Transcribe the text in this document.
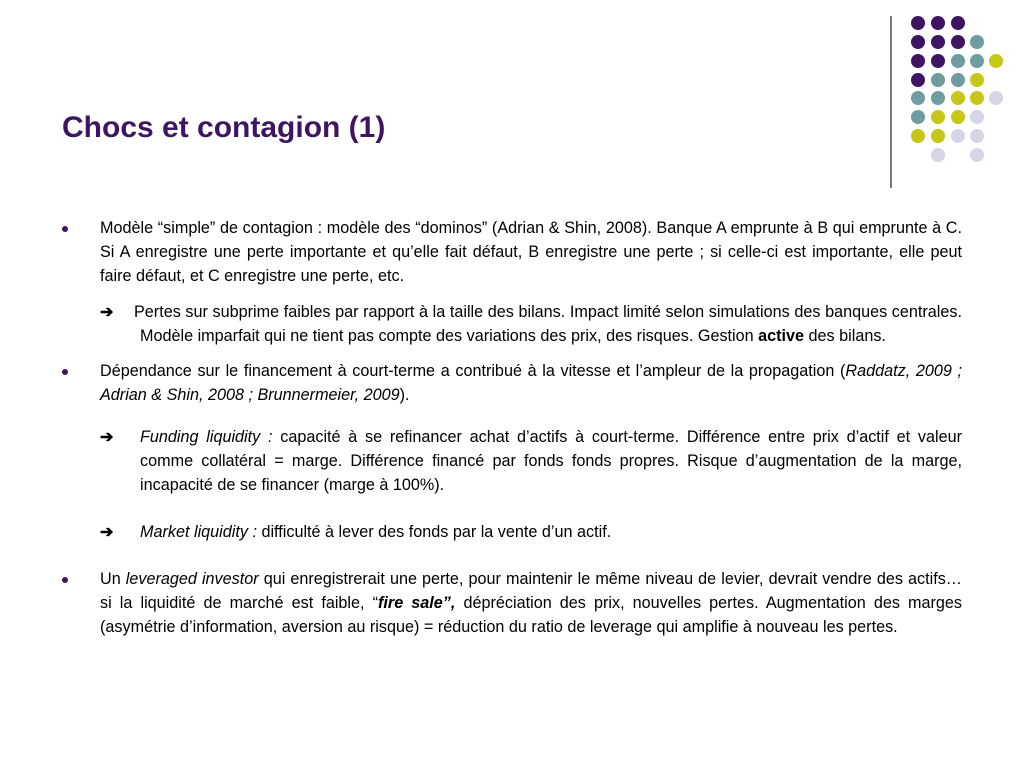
Chocs et contagion (1)
Modèle “simple” de contagion : modèle des “dominos” (Adrian & Shin, 2008). Banque A emprunte à B qui emprunte à C. Si A enregistre une perte importante et qu’elle fait défaut, B enregistre une perte ; si celle-ci est importante, elle peut faire défaut, et C enregistre une perte, etc.
➔ Pertes sur subprime faibles par rapport à la taille des bilans. Impact limité selon simulations des banques centrales. Modèle imparfait qui ne tient pas compte des variations des prix, des risques. Gestion active des bilans.
Dépendance sur le financement à court-terme a contribué à la vitesse et l’ampleur de la propagation (Raddatz, 2009 ; Adrian & Shin, 2008 ; Brunnermeier, 2009).
➔ Funding liquidity : capacité à se refinancer achat d’actifs à court-terme. Différence entre prix d’actif et valeur comme collatéral = marge. Différence financé par fonds fonds propres. Risque d’augmentation de la marge, incapacité de se financer (marge à 100%).
➔ Market liquidity : difficulté à lever des fonds par la vente d’un actif.
Un leveraged investor qui enregistrerait une perte, pour maintenir le même niveau de levier, devrait vendre des actifs… si la liquidité de marché est faible, “fire sale”, dépréciation des prix, nouvelles pertes. Augmentation des marges (asymétrie d’information, aversion au risque) = réduction du ratio de leverage qui amplifie à nouveau les pertes.
